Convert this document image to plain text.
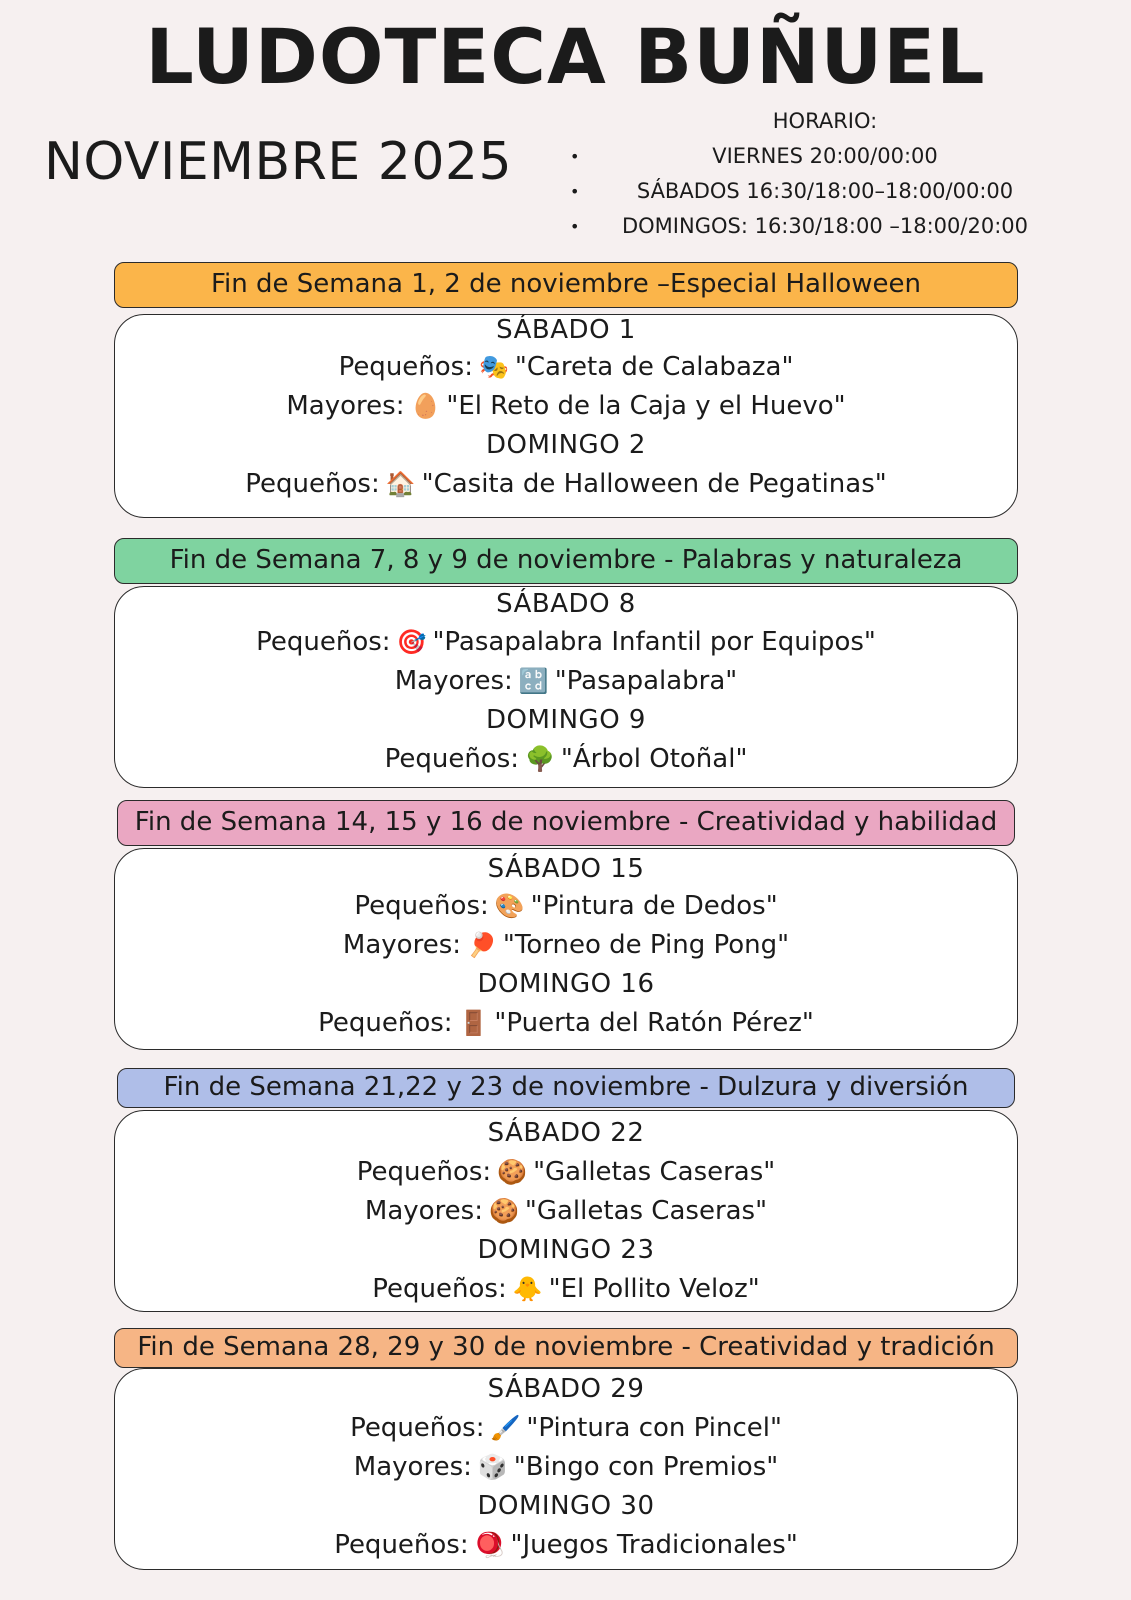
LUDOTECA BUÑUEL
NOVIEMBRE 2025
HORARIO:
•	VIERNES 20:00/00:00
•	SÁBADOS 16:30/18:00–18:00/00:00
• DOMINGOS: 16:30/18:00 –18:00/20:00
Fin de Semana 1, 2 de noviembre –Especial Halloween
SÁBADO 1
Pequeños: 🎭 "Careta de Calabaza"
Mayores: 🥚 "El Reto de la Caja y el Huevo"
DOMINGO 2
Pequeños: 🏠 "Casita de Halloween de Pegatinas"
Fin de Semana 7, 8 y 9 de noviembre - Palabras y naturaleza
SÁBADO 8
Pequeños: 🎯 "Pasapalabra Infantil por Equipos"
Mayores: 🔡 "Pasapalabra"
DOMINGO 9
Pequeños: 🌳 "Árbol Otoñal"
Fin de Semana 14, 15 y 16 de noviembre - Creatividad y habilidad
SÁBADO 15
Pequeños: 🎨 "Pintura de Dedos"
Mayores: 🏓 "Torneo de Ping Pong"
DOMINGO 16
Pequeños: 🚪 "Puerta del Ratón Pérez"
Fin de Semana 21,22 y 23 de noviembre - Dulzura y diversión
SÁBADO 22
Pequeños: 🍪 "Galletas Caseras"
Mayores: 🍪 "Galletas Caseras"
DOMINGO 23
Pequeños: 🐥 "El Pollito Veloz"
Fin de Semana 28, 29 y 30 de noviembre - Creatividad y tradición
SÁBADO 29
Pequeños: 🖌️ "Pintura con Pincel"
Mayores: 🎲 "Bingo con Premios"
DOMINGO 30
Pequeños: 🪀 "Juegos Tradicionales"
